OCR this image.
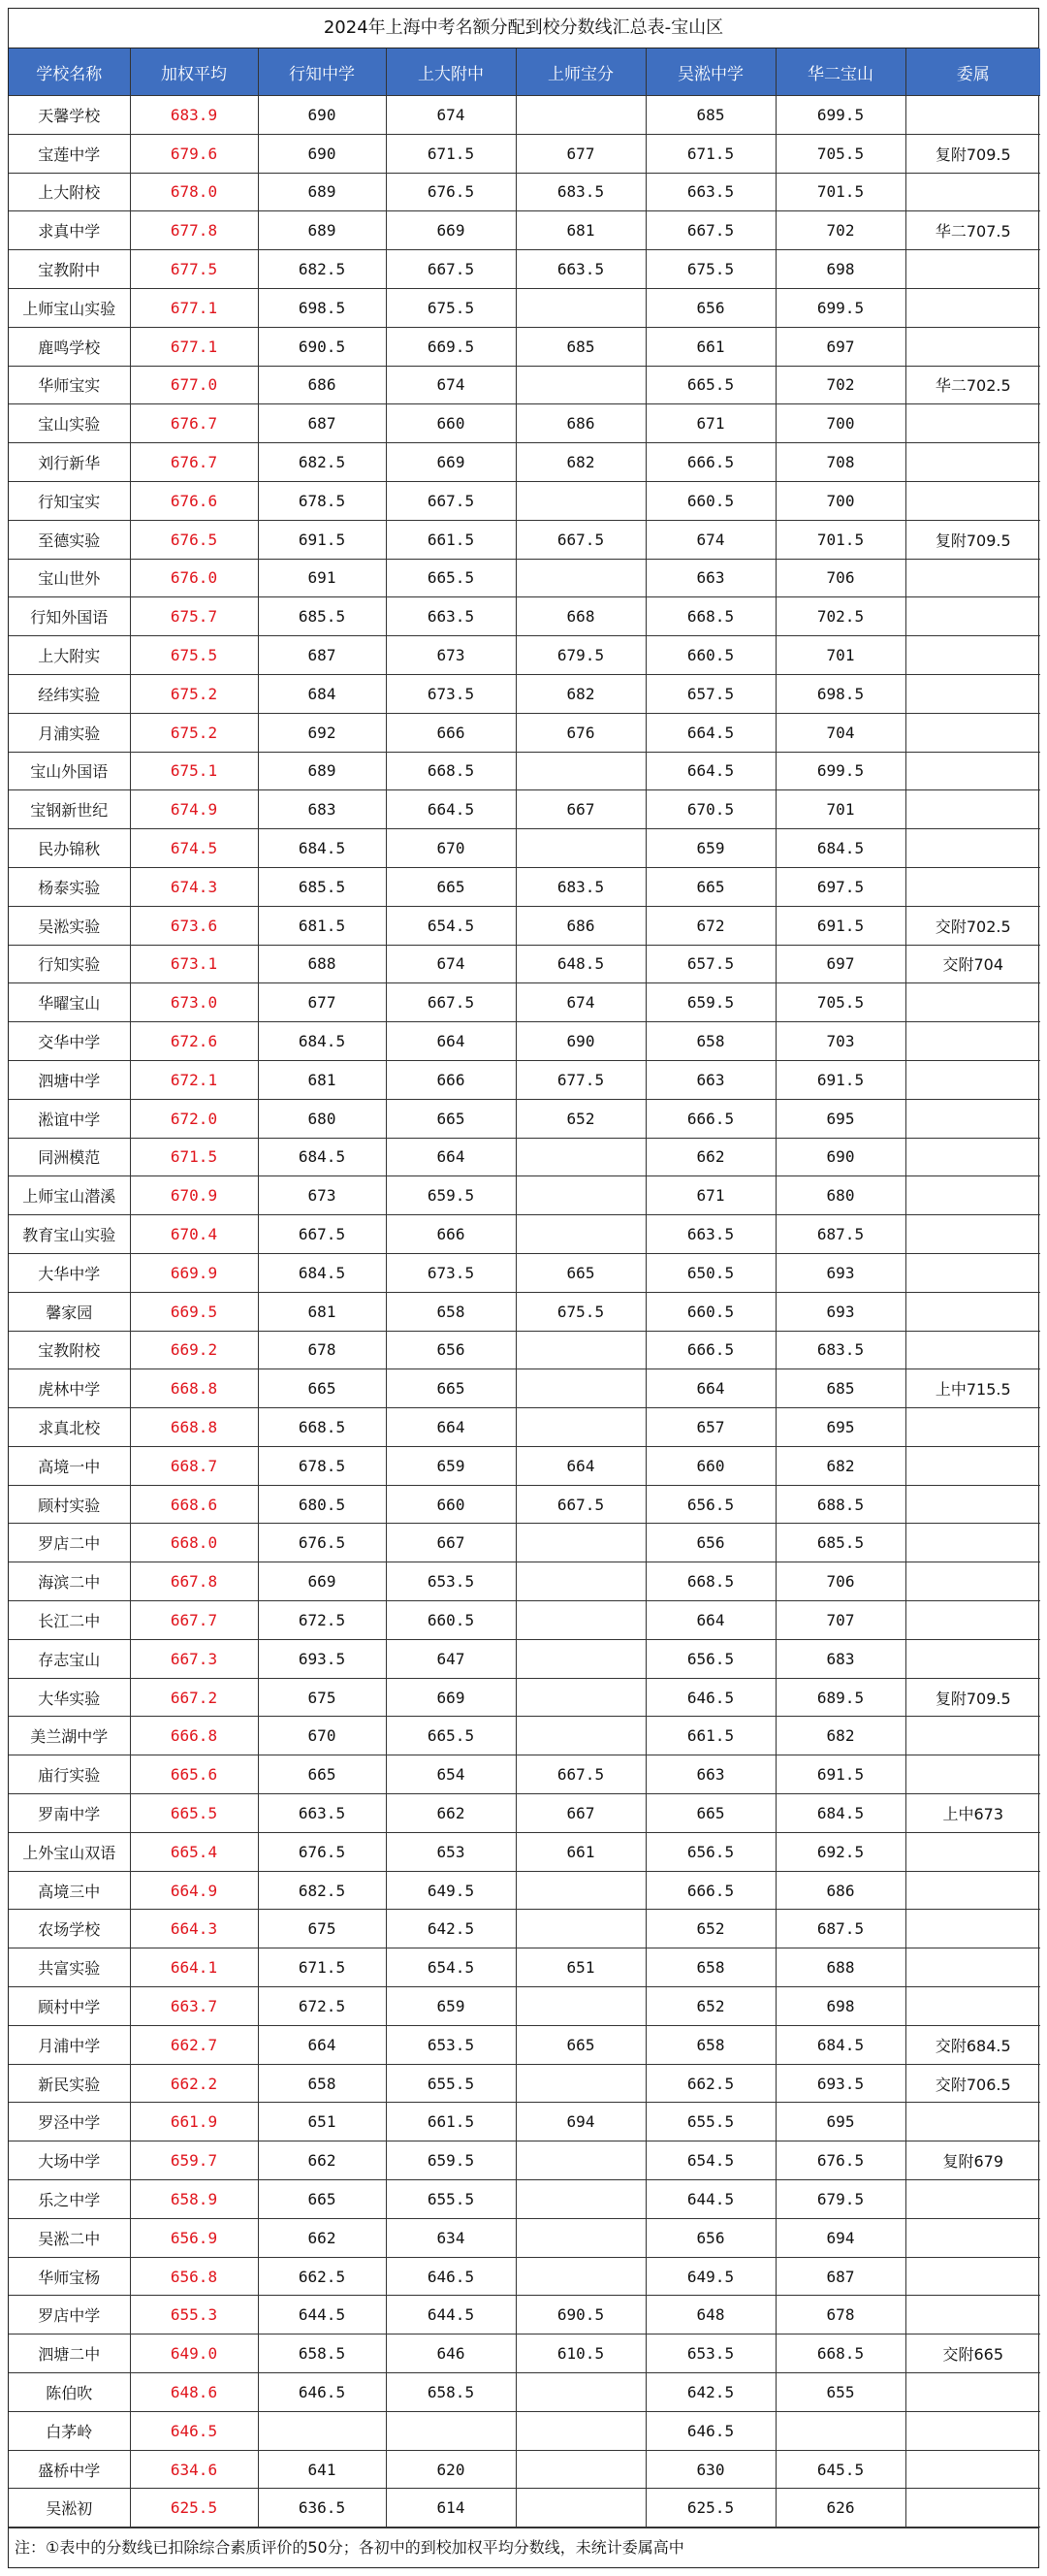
2024年上海中考名额分配到校分数线汇总表-宝山区
学校名称	加权平均	行知中学	上大附中	上师宝分	吴淞中学	华二宝山	委属
天馨学校	683.9	690	674		685	699.5	
宝莲中学	679.6	690	671.5	677	671.5	705.5	复附709.5
上大附校	678.0	689	676.5	683.5	663.5	701.5	
求真中学	677.8	689	669	681	667.5	702	华二707.5
宝教附中	677.5	682.5	667.5	663.5	675.5	698	
上师宝山实验	677.1	698.5	675.5		656	699.5	
鹿鸣学校	677.1	690.5	669.5	685	661	697	
华师宝实	677.0	686	674		665.5	702	华二702.5
宝山实验	676.7	687	660	686	671	700	
刘行新华	676.7	682.5	669	682	666.5	708	
行知宝实	676.6	678.5	667.5		660.5	700	
至德实验	676.5	691.5	661.5	667.5	674	701.5	复附709.5
宝山世外	676.0	691	665.5		663	706	
行知外国语	675.7	685.5	663.5	668	668.5	702.5	
上大附实	675.5	687	673	679.5	660.5	701	
经纬实验	675.2	684	673.5	682	657.5	698.5	
月浦实验	675.2	692	666	676	664.5	704	
宝山外国语	675.1	689	668.5		664.5	699.5	
宝钢新世纪	674.9	683	664.5	667	670.5	701	
民办锦秋	674.5	684.5	670		659	684.5	
杨泰实验	674.3	685.5	665	683.5	665	697.5	
吴淞实验	673.6	681.5	654.5	686	672	691.5	交附702.5
行知实验	673.1	688	674	648.5	657.5	697	交附704
华曜宝山	673.0	677	667.5	674	659.5	705.5	
交华中学	672.6	684.5	664	690	658	703	
泗塘中学	672.1	681	666	677.5	663	691.5	
淞谊中学	672.0	680	665	652	666.5	695	
同洲模范	671.5	684.5	664		662	690	
上师宝山潜溪	670.9	673	659.5		671	680	
教育宝山实验	670.4	667.5	666		663.5	687.5	
大华中学	669.9	684.5	673.5	665	650.5	693	
馨家园	669.5	681	658	675.5	660.5	693	
宝教附校	669.2	678	656		666.5	683.5	
虎林中学	668.8	665	665		664	685	上中715.5
求真北校	668.8	668.5	664		657	695	
高境一中	668.7	678.5	659	664	660	682	
顾村实验	668.6	680.5	660	667.5	656.5	688.5	
罗店二中	668.0	676.5	667		656	685.5	
海滨二中	667.8	669	653.5		668.5	706	
长江二中	667.7	672.5	660.5		664	707	
存志宝山	667.3	693.5	647		656.5	683	
大华实验	667.2	675	669		646.5	689.5	复附709.5
美兰湖中学	666.8	670	665.5		661.5	682	
庙行实验	665.6	665	654	667.5	663	691.5	
罗南中学	665.5	663.5	662	667	665	684.5	上中673
上外宝山双语	665.4	676.5	653	661	656.5	692.5	
高境三中	664.9	682.5	649.5		666.5	686	
农场学校	664.3	675	642.5		652	687.5	
共富实验	664.1	671.5	654.5	651	658	688	
顾村中学	663.7	672.5	659		652	698	
月浦中学	662.7	664	653.5	665	658	684.5	交附684.5
新民实验	662.2	658	655.5		662.5	693.5	交附706.5
罗泾中学	661.9	651	661.5	694	655.5	695	
大场中学	659.7	662	659.5		654.5	676.5	复附679
乐之中学	658.9	665	655.5		644.5	679.5	
吴淞二中	656.9	662	634		656	694	
华师宝杨	656.8	662.5	646.5		649.5	687	
罗店中学	655.3	644.5	644.5	690.5	648	678	
泗塘二中	649.0	658.5	646	610.5	653.5	668.5	交附665
陈伯吹	648.6	646.5	658.5		642.5	655	
白茅岭	646.5				646.5		
盛桥中学	634.6	641	620		630	645.5	
吴淞初	625.5	636.5	614		625.5	626	
注：①表中的分数线已扣除综合素质评价的50分；各初中的到校加权平均分数线，未统计委属高中
